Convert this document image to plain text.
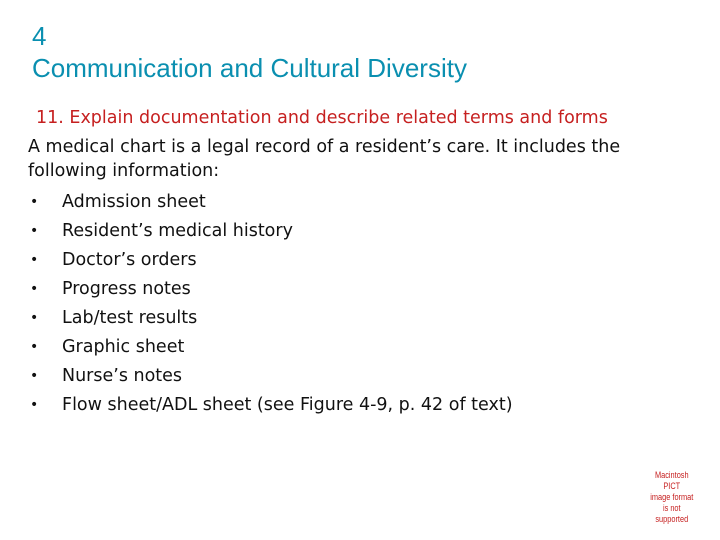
4
Communication and Cultural Diversity

11. Explain documentation and describe related terms and forms

A medical chart is a legal record of a resident’s care. It includes the following information:

•	Admission sheet
•	Resident’s medical history
•	Doctor’s orders
•	Progress notes
•	Lab/test results
•	Graphic sheet
•	Nurse’s notes
•	Flow sheet/ADL sheet (see Figure 4-9, p. 42 of text)
Macintosh PICT
image format
is not supported
